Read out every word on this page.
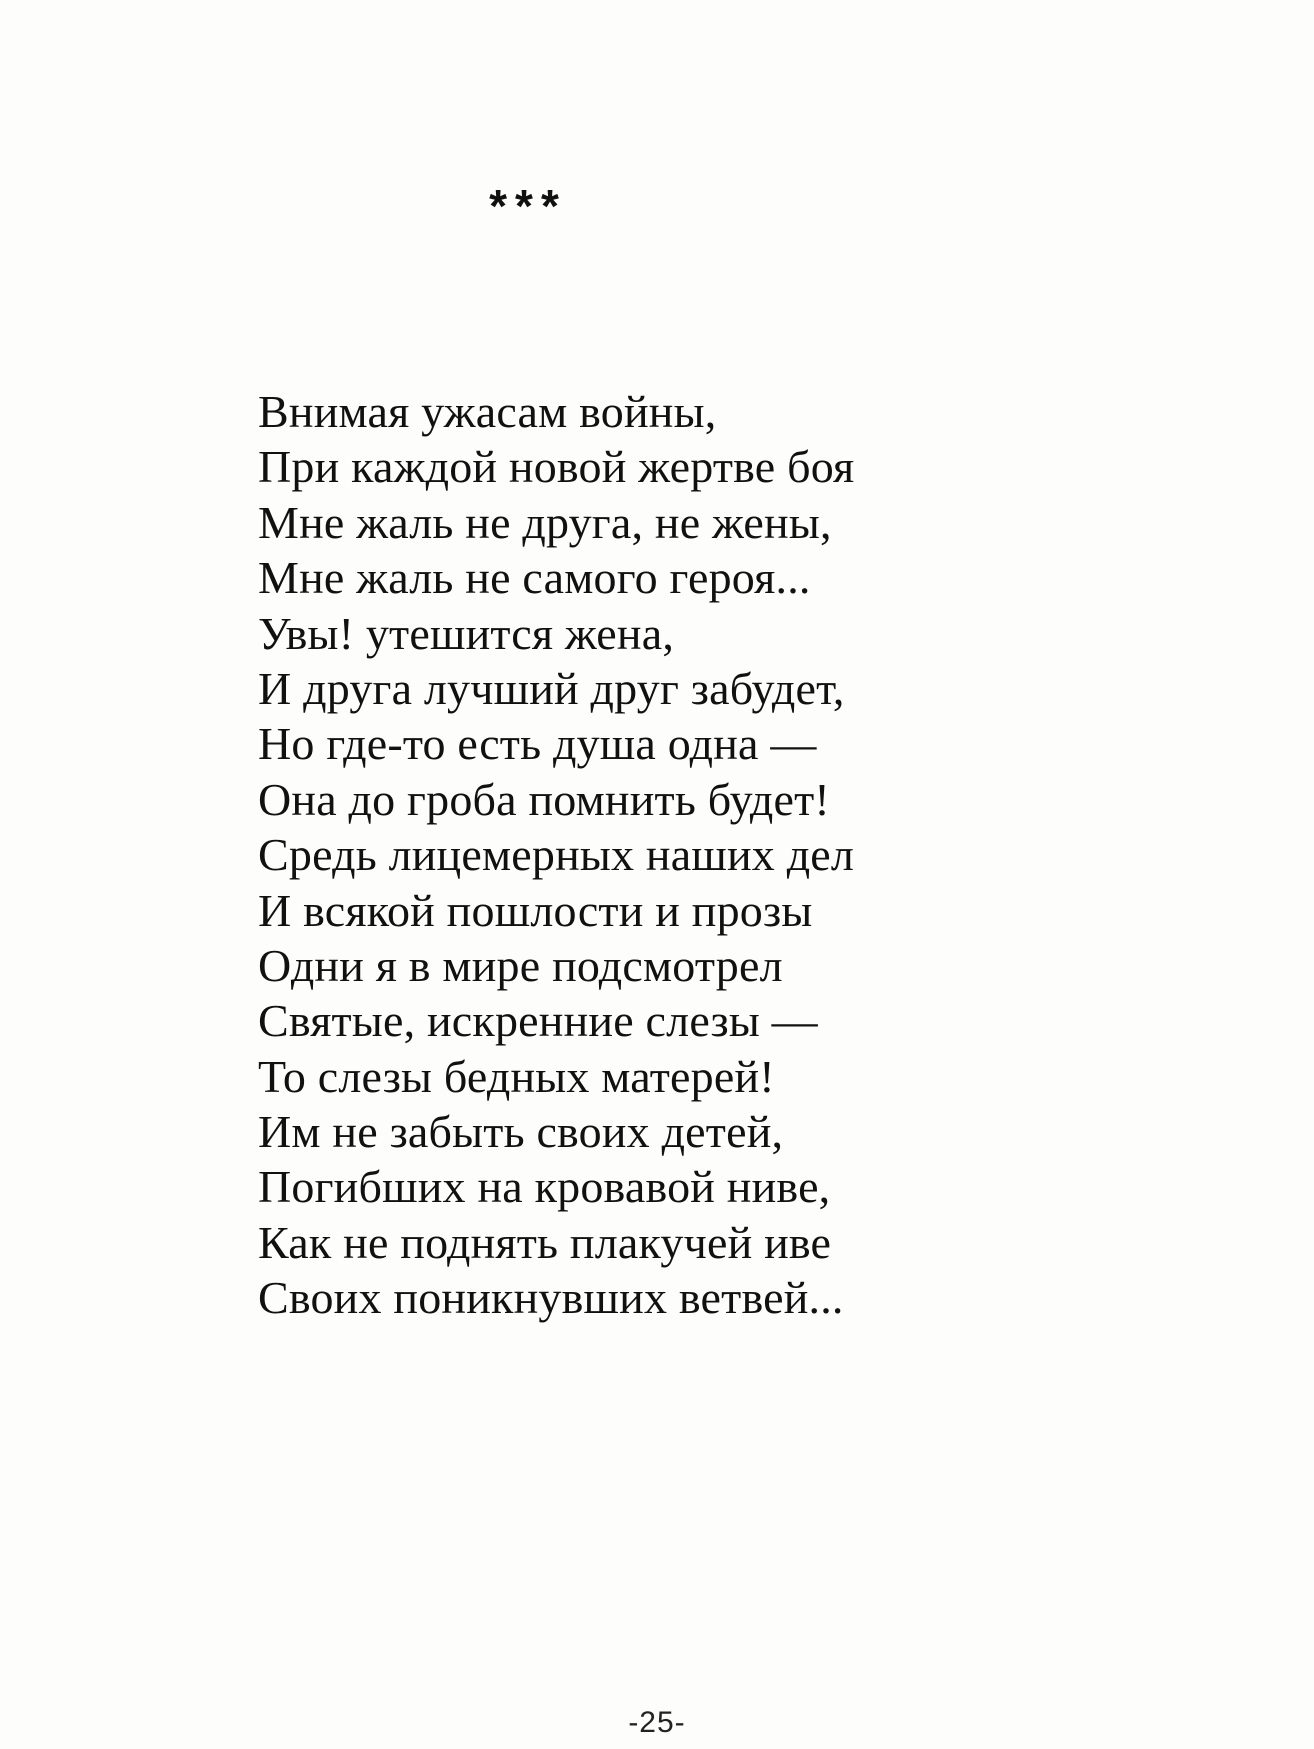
***
Внимая ужасам войны,
При каждой новой жертве боя
Мне жаль не друга, не жены,
Мне жаль не самого героя...
Увы! утешится жена,
И друга лучший друг забудет,
Но где-то есть душа одна —
Она до гроба помнить будет!
Средь лицемерных наших дел
И всякой пошлости и прозы
Одни я в мире подсмотрел
Святые, искренние слезы —
То слезы бедных матерей!
Им не забыть своих детей,
Погибших на кровавой ниве,
Как не поднять плакучей иве
Своих поникнувших ветвей...
-25-
